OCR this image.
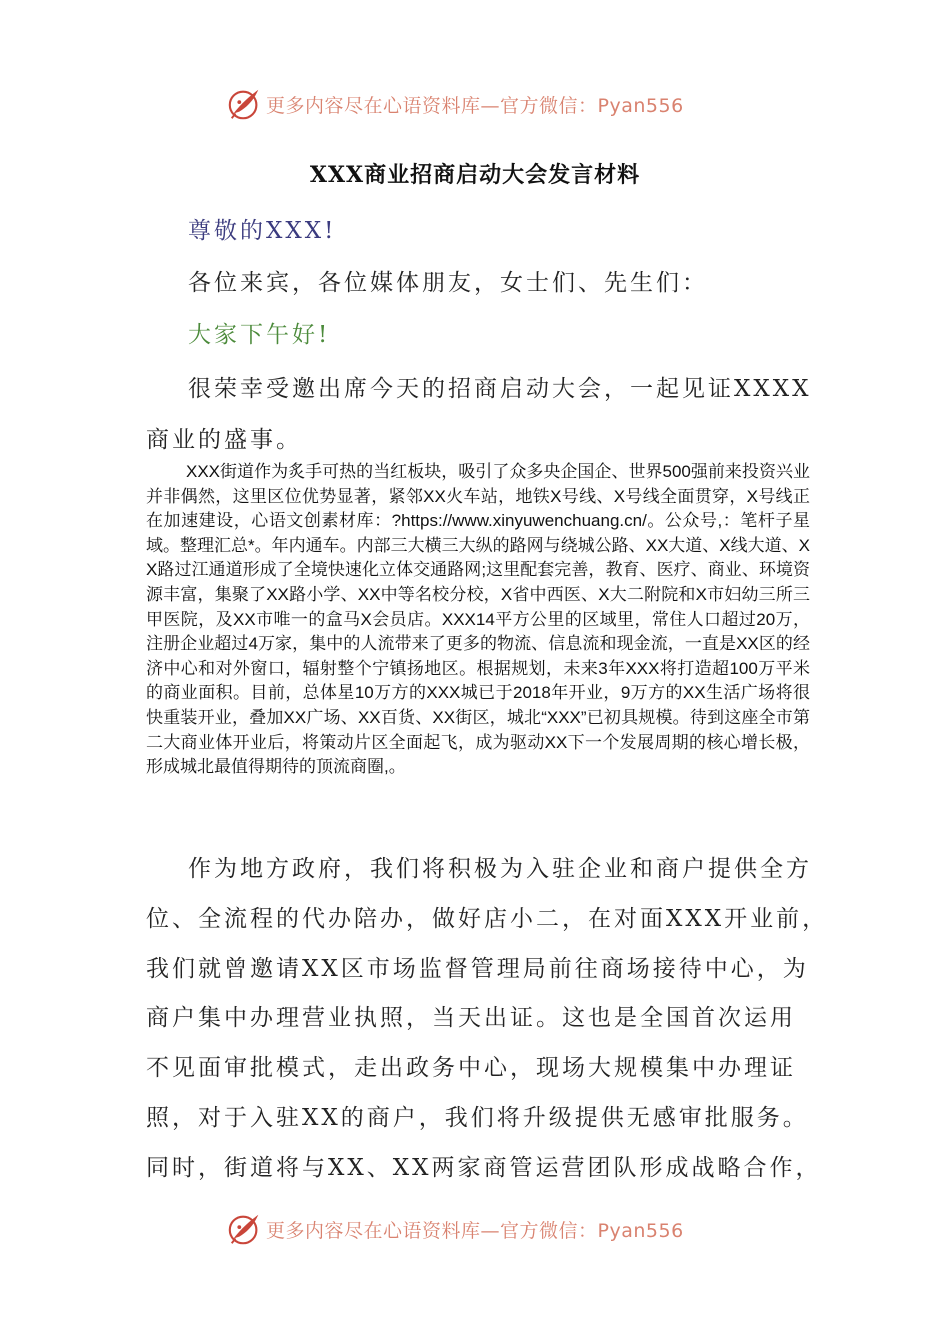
更多内容尽在心语资料库—官方微信：Pyan556
XXX商业招商启动大会发言材料
尊敬的XXX!
各位来宾，各位媒体朋友，女士们、先生们：
大家下午好!
很荣幸受邀出席今天的招商启动大会，一起见证XXXX
商业的盛事。

XXX街道作为炙手可热的当红板块，吸引了众多央企国企、世界500强前来投资兴业并非偶然，这里区位优势显著，紧邻XX火车站，地铁X号线、X号线全面贯穿，X号线正在加速建设，心语文创素材库：?https://www.xinyuwenchuang.cn/。公众号,：笔杆子星域。整理汇总*。年内通车。内部三大横三大纵的路网与绕城公路、XX大道、X线大道、XX路过江通道形成了全境快速化立体交通路网;这里配套完善，教育、医疗、商业、环境资源丰富，集聚了XX路小学、XX中等名校分校，X省中西医、X大二附院和X市妇幼三所三甲医院，及XX市唯一的盒马X会员店。XXX14平方公里的区域里，常住人口超过20万，注册企业超过4万家，集中的人流带来了更多的物流、信息流和现金流，一直是XX区的经济中心和对外窗口，辐射整个宁镇扬地区。根据规划，未来3年XXX将打造超100万平米的商业面积。目前，总体星10万方的XXX城已于2018年开业，9万方的XX生活广场将很快重装开业，叠加XX广场、XX百货、XX街区，城北“XXX”已初具规模。待到这座全市第二大商业体开业后，将策动片区全面起飞，成为驱动XX下一个发展周期的核心增长极，形成城北最值得期待的顶流商圈,。

作为地方政府，我们将积极为入驻企业和商户提供全方
位、全流程的代办陪办，做好店小二，在对面XXX开业前，
我们就曾邀请XX区市场监督管理局前往商场接待中心，为
商户集中办理营业执照，当天出证。这也是全国首次运用
不见面审批模式，走出政务中心，现场大规模集中办理证
照，对于入驻XX的商户，我们将升级提供无感审批服务。
同时，街道将与XX、XX两家商管运营团队形成战略合作，
更多内容尽在心语资料库—官方微信：Pyan556
